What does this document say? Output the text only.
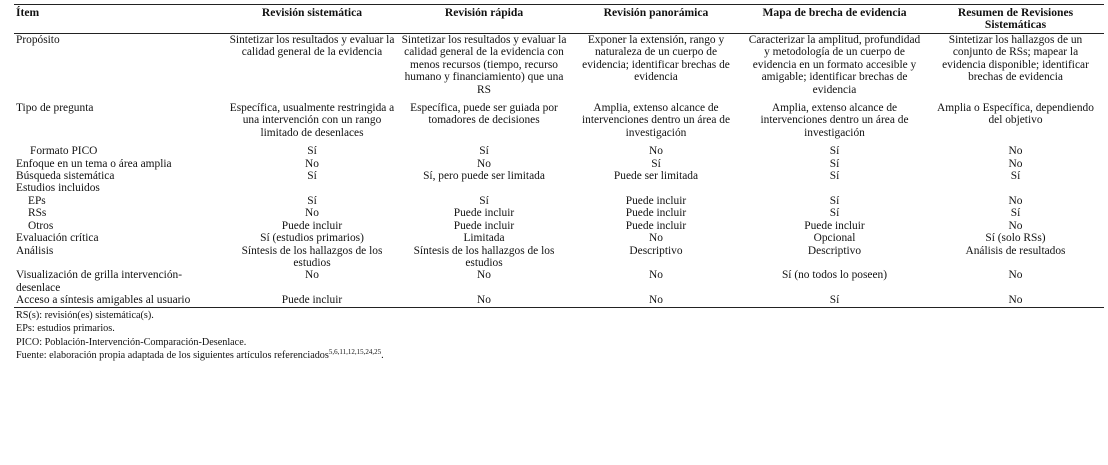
Ítem	Revisión sistemática	Revisión rápida	Revisión panorámica	Mapa de brecha de evidencia	Resumen de Revisiones Sistemáticas
Propósito	Sintetizar los resultados y evaluar la calidad general de la evidencia	Sintetizar los resultados y evaluar la calidad general de la evidencia con menos recursos (tiempo, recurso humano y financiamiento) que una RS	Exponer la extensión, rango y naturaleza de un cuerpo de evidencia; identificar brechas de evidencia	Caracterizar la amplitud, profundidad y metodología de un cuerpo de evidencia en un formato accesible y amigable; identificar brechas de evidencia	Sintetizar los hallazgos de un conjunto de RSs; mapear la evidencia disponible; identificar brechas de evidencia
Tipo de pregunta	Específica, usualmente restringida a una intervención con un rango limitado de desenlaces	Específica, puede ser guiada por tomadores de decisiones	Amplia, extenso alcance de intervenciones dentro un área de investigación	Amplia, extenso alcance de intervenciones dentro un área de investigación	Amplia o Específica, dependiendo del objetivo
Formato PICO	Sí	Sí	No	Sí	No
Enfoque en un tema o área amplia	No	No	Sí	Sí	No
Búsqueda sistemática	Sí	Sí, pero puede ser limitada	Puede ser limitada	Sí	Sí
Estudios incluidos					
EPs	Sí	Sí	Puede incluir	Sí	No
RSs	No	Puede incluir	Puede incluir	Sí	Sí
Otros	Puede incluir	Puede incluir	Puede incluir	Puede incluir	No
Evaluación crítica	Sí (estudios primarios)	Limitada	No	Opcional	Sí (solo RSs)
Análisis	Síntesis de los hallazgos de los estudios	Síntesis de los hallazgos de los estudios	Descriptivo	Descriptivo	Análisis de resultados
Visualización de grilla intervención-desenlace	No	No	No	Sí (no todos lo poseen)	No
Acceso a síntesis amigables al usuario	Puede incluir	No	No	Sí	No
RS(s): revisión(es) sistemática(s).
EPs: estudios primarios.
PICO: Población-Intervención-Comparación-Desenlace.
Fuente: elaboración propia adaptada de los siguientes artículos referenciados$^{5,6,11,12,15,24,25}$.
